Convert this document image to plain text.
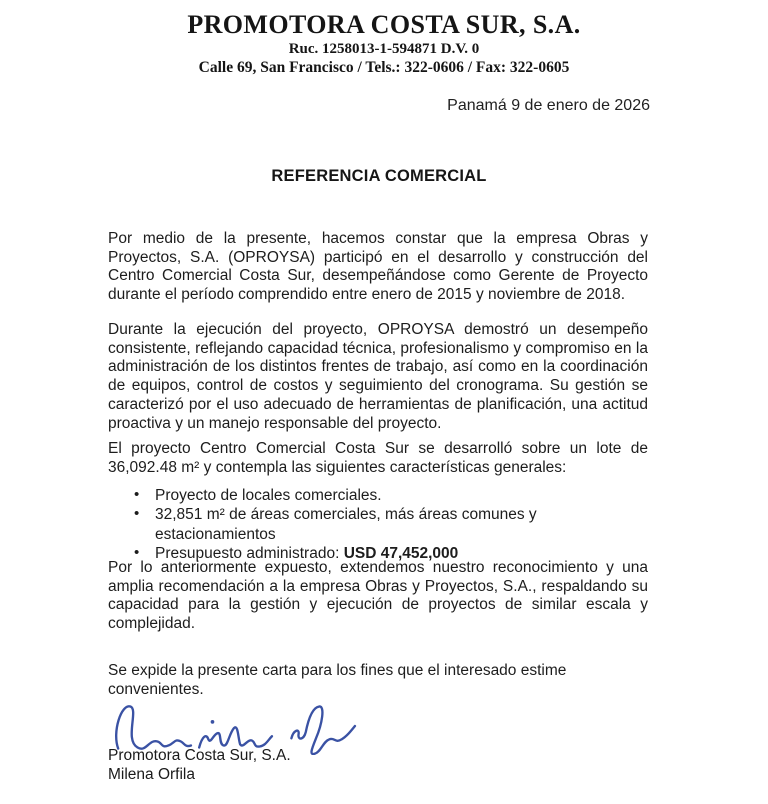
PROMOTORA COSTA SUR, S.A.
Ruc. 1258013-1-594871 D.V. 0
Calle 69, San Francisco / Tels.: 322-0606 / Fax: 322-0605
Panamá 9 de enero de 2026
REFERENCIA COMERCIAL
Por medio de la presente, hacemos constar que la empresa Obras y Proyectos, S.A. (OPROYSA) participó en el desarrollo y construcción del Centro Comercial Costa Sur, desempeñándose como Gerente de Proyecto durante el período comprendido entre enero de 2015 y noviembre de 2018.
Durante la ejecución del proyecto, OPROYSA demostró un desempeño consistente, reflejando capacidad técnica, profesionalismo y compromiso en la administración de los distintos frentes de trabajo, así como en la coordinación de equipos, control de costos y seguimiento del cronograma. Su gestión se caracterizó por el uso adecuado de herramientas de planificación, una actitud proactiva y un manejo responsable del proyecto.
El proyecto Centro Comercial Costa Sur se desarrolló sobre un lote de 36,092.48 m² y contempla las siguientes características generales:
• Proyecto de locales comerciales.
• 32,851 m² de áreas comerciales, más áreas comunes y estacionamientos
• Presupuesto administrado: USD 47,452,000
Por lo anteriormente expuesto, extendemos nuestro reconocimiento y una amplia recomendación a la empresa Obras y Proyectos, S.A., respaldando su capacidad para la gestión y ejecución de proyectos de similar escala y complejidad.
Se expide la presente carta para los fines que el interesado estime convenientes.
Promotora Costa Sur, S.A.
Milena Orfila
